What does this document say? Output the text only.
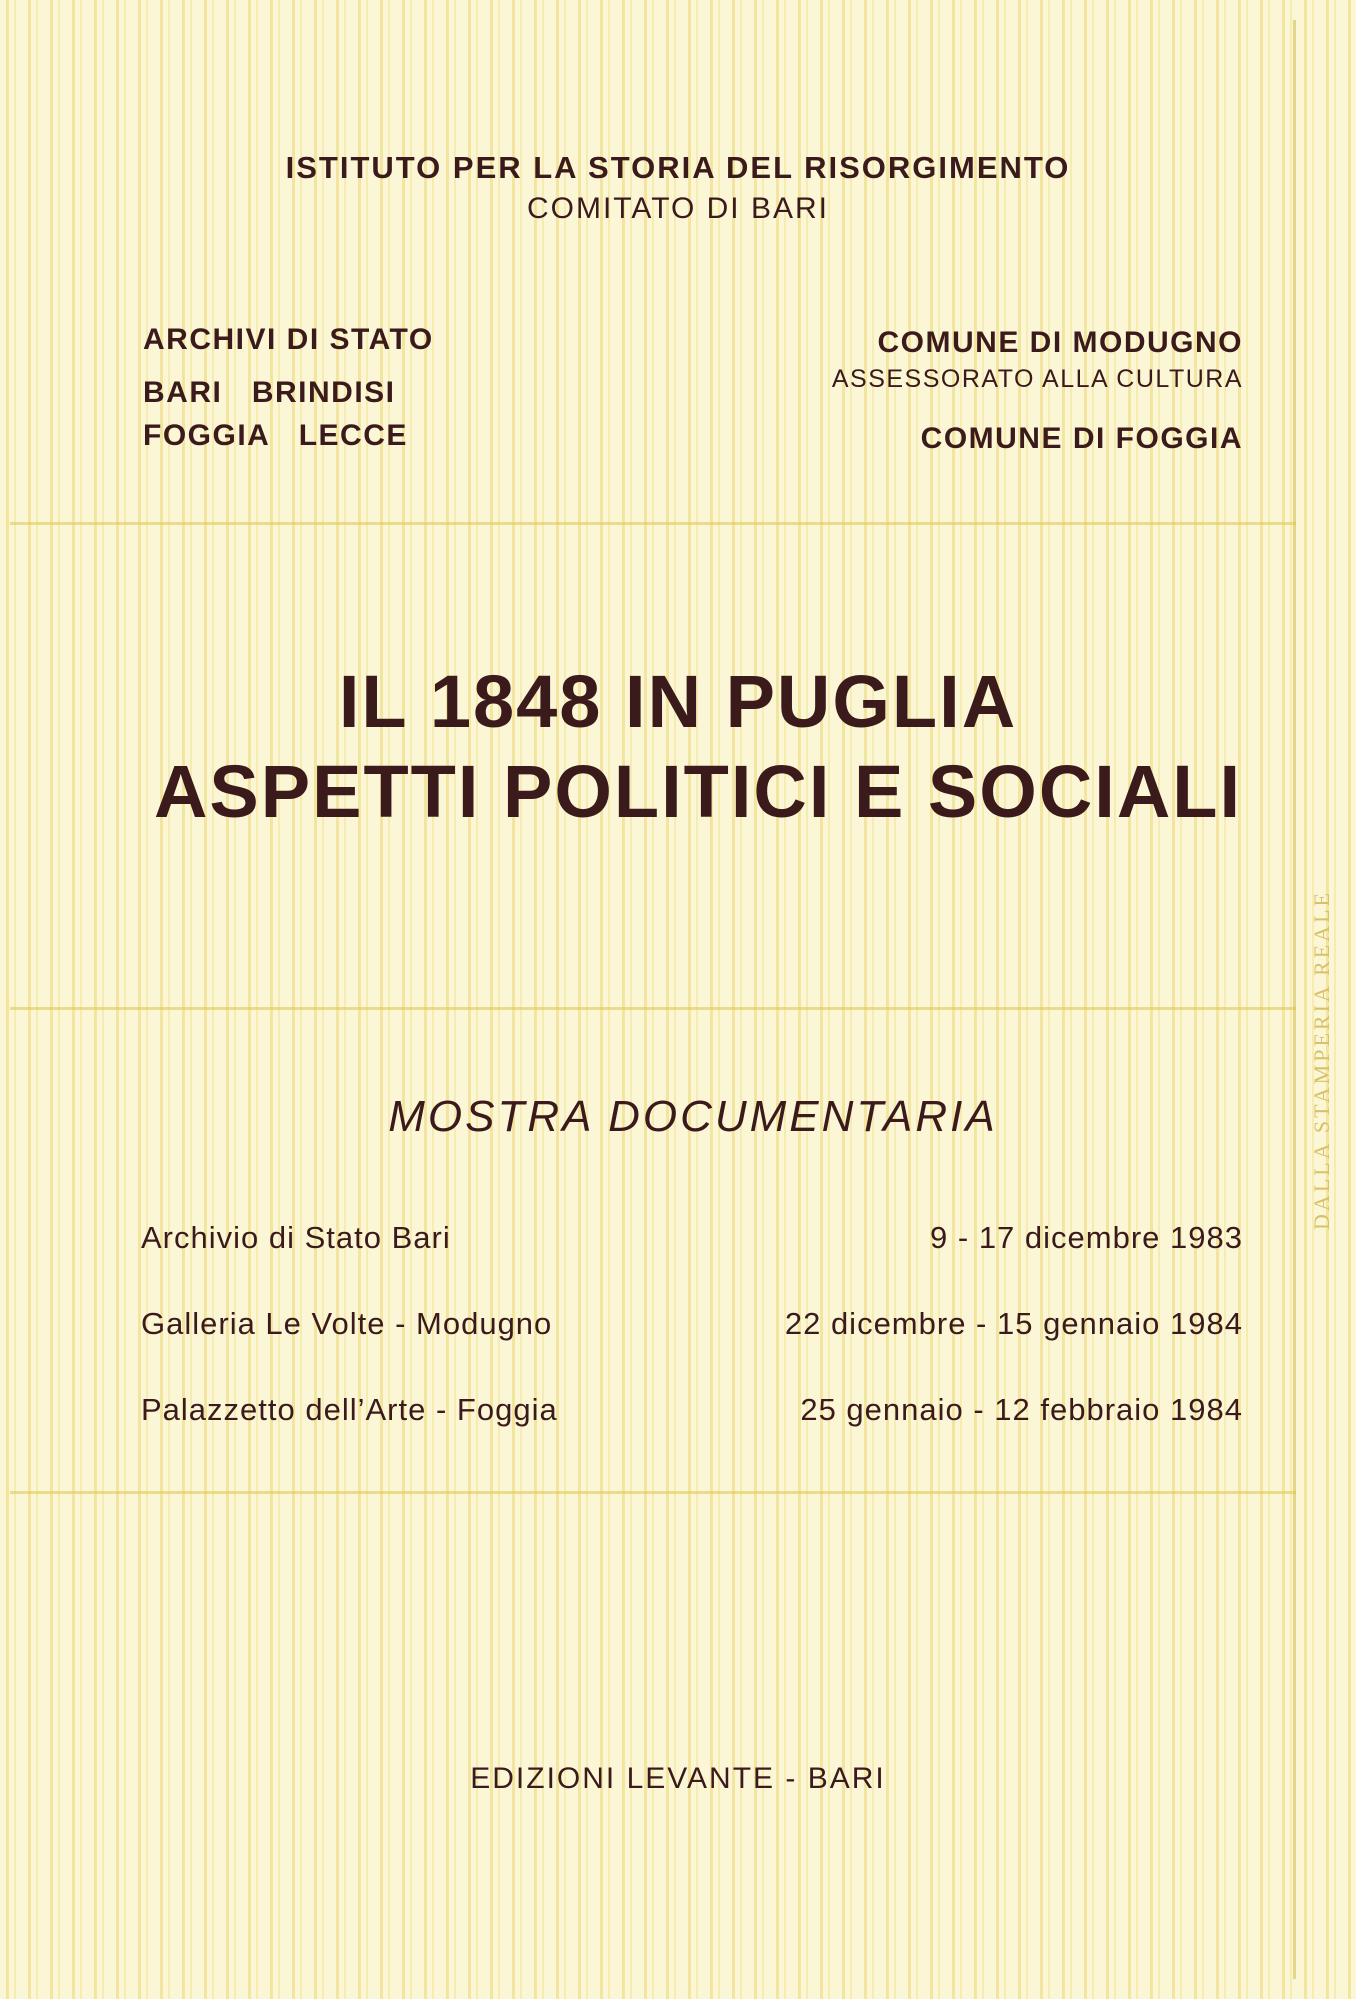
DALLA STAMPERIA REALE
ISTITUTO PER LA STORIA DEL RISORGIMENTO
COMITATO DI BARI
ARCHIVI DI STATO
BARI   BRINDISI
FOGGIA   LECCE
COMUNE DI MODUGNO
ASSESSORATO ALLA CULTURA
COMUNE DI FOGGIA
IL 1848 IN PUGLIA
ASPETTI POLITICI E SOCIALI
MOSTRA DOCUMENTARIA
Archivio di Stato Bari	9 - 17 dicembre 1983
Galleria Le Volte - Modugno	22 dicembre - 15 gennaio 1984
Palazzetto dell’Arte - Foggia	25 gennaio - 12 febbraio 1984
EDIZIONI LEVANTE - BARI
